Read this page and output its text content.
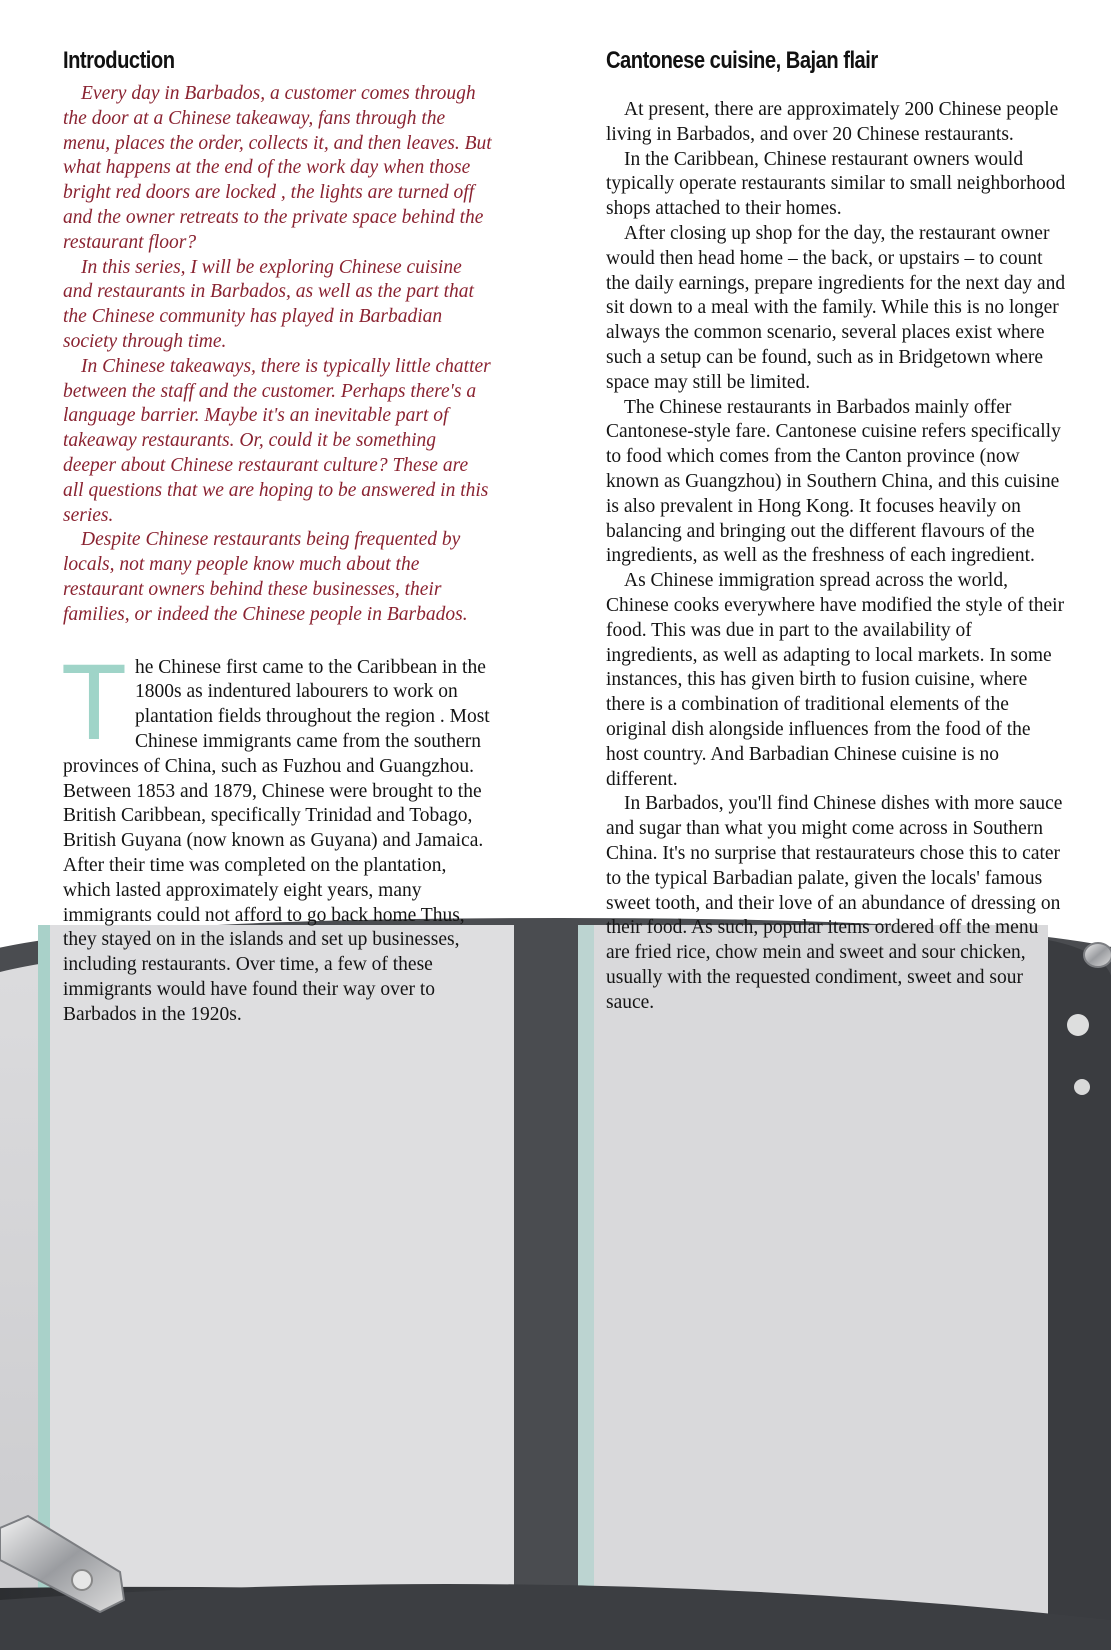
Introduction

Every day in Barbados, a customer comes through the door at a Chinese takeaway, fans through the menu, places the order, collects it, and then leaves. But what happens at the end of the work day when those bright red doors are locked , the lights are turned off and the owner retreats to the private space behind the restaurant floor?

In this series, I will be exploring Chinese cuisine and restaurants in Barbados, as well as the part that the Chinese community has played in Barbadian society through time.

In Chinese takeaways, there is typically little chatter between the staff and the customer. Perhaps there's a language barrier. Maybe it's an inevitable part of takeaway restaurants. Or, could it be something deeper about Chinese restaurant culture? These are all questions that we are hoping to be answered in this series.

Despite Chinese restaurants being frequented by locals, not many people know much about the restaurant owners behind these businesses, their families, or indeed the Chinese people in Barbados.

T he Chinese first came to the Caribbean in the 1800s as indentured labourers to work on plantation fields throughout the region . Most Chinese immigrants came from the southern provinces of China, such as Fuzhou and Guangzhou. Between 1853 and 1879, Chinese were brought to the British Caribbean, specifically Trinidad and Tobago, British Guyana (now known as Guyana) and Jamaica. After their time was completed on the plantation, which lasted approximately eight years, many immigrants could not afford to go back home Thus, they stayed on in the islands and set up businesses, including restaurants. Over time, a few of these immigrants would have found their way over to Barbados in the 1920s.

Cantonese cuisine, Bajan flair

At present, there are approximately 200 Chinese people living in Barbados, and over 20 Chinese restaurants.

In the Caribbean, Chinese restaurant owners would typically operate restaurants similar to small neighborhood shops attached to their homes.

After closing up shop for the day, the restaurant owner would then head home – the back, or upstairs – to count the daily earnings, prepare ingredients for the next day and sit down to a meal with the family. While this is no longer always the common scenario, several places exist where such a setup can be found, such as in Bridgetown where space may still be limited.

The Chinese restaurants in Barbados mainly offer Cantonese-style fare. Cantonese cuisine refers specifically to food which comes from the Canton province (now known as Guangzhou) in Southern China, and this cuisine is also prevalent in Hong Kong. It focuses heavily on balancing and bringing out the different flavours of the ingredients, as well as the freshness of each ingredient.

As Chinese immigration spread across the world, Chinese cooks everywhere have modified the style of their food. This was due in part to the availability of ingredients, as well as adapting to local markets. In some instances, this has given birth to fusion cuisine, where there is a combination of traditional elements of the original dish alongside influences from the food of the host country. And Barbadian Chinese cuisine is no different.

In Barbados, you'll find Chinese dishes with more sauce and sugar than what you might come across in Southern China. It's no surprise that restaurateurs chose this to cater to the typical Barbadian palate, given the locals' famous sweet tooth, and their love of an abundance of dressing on their food. As such, popular items ordered off the menu are fried rice, chow mein and sweet and sour chicken, usually with the requested condiment, sweet and sour sauce.
